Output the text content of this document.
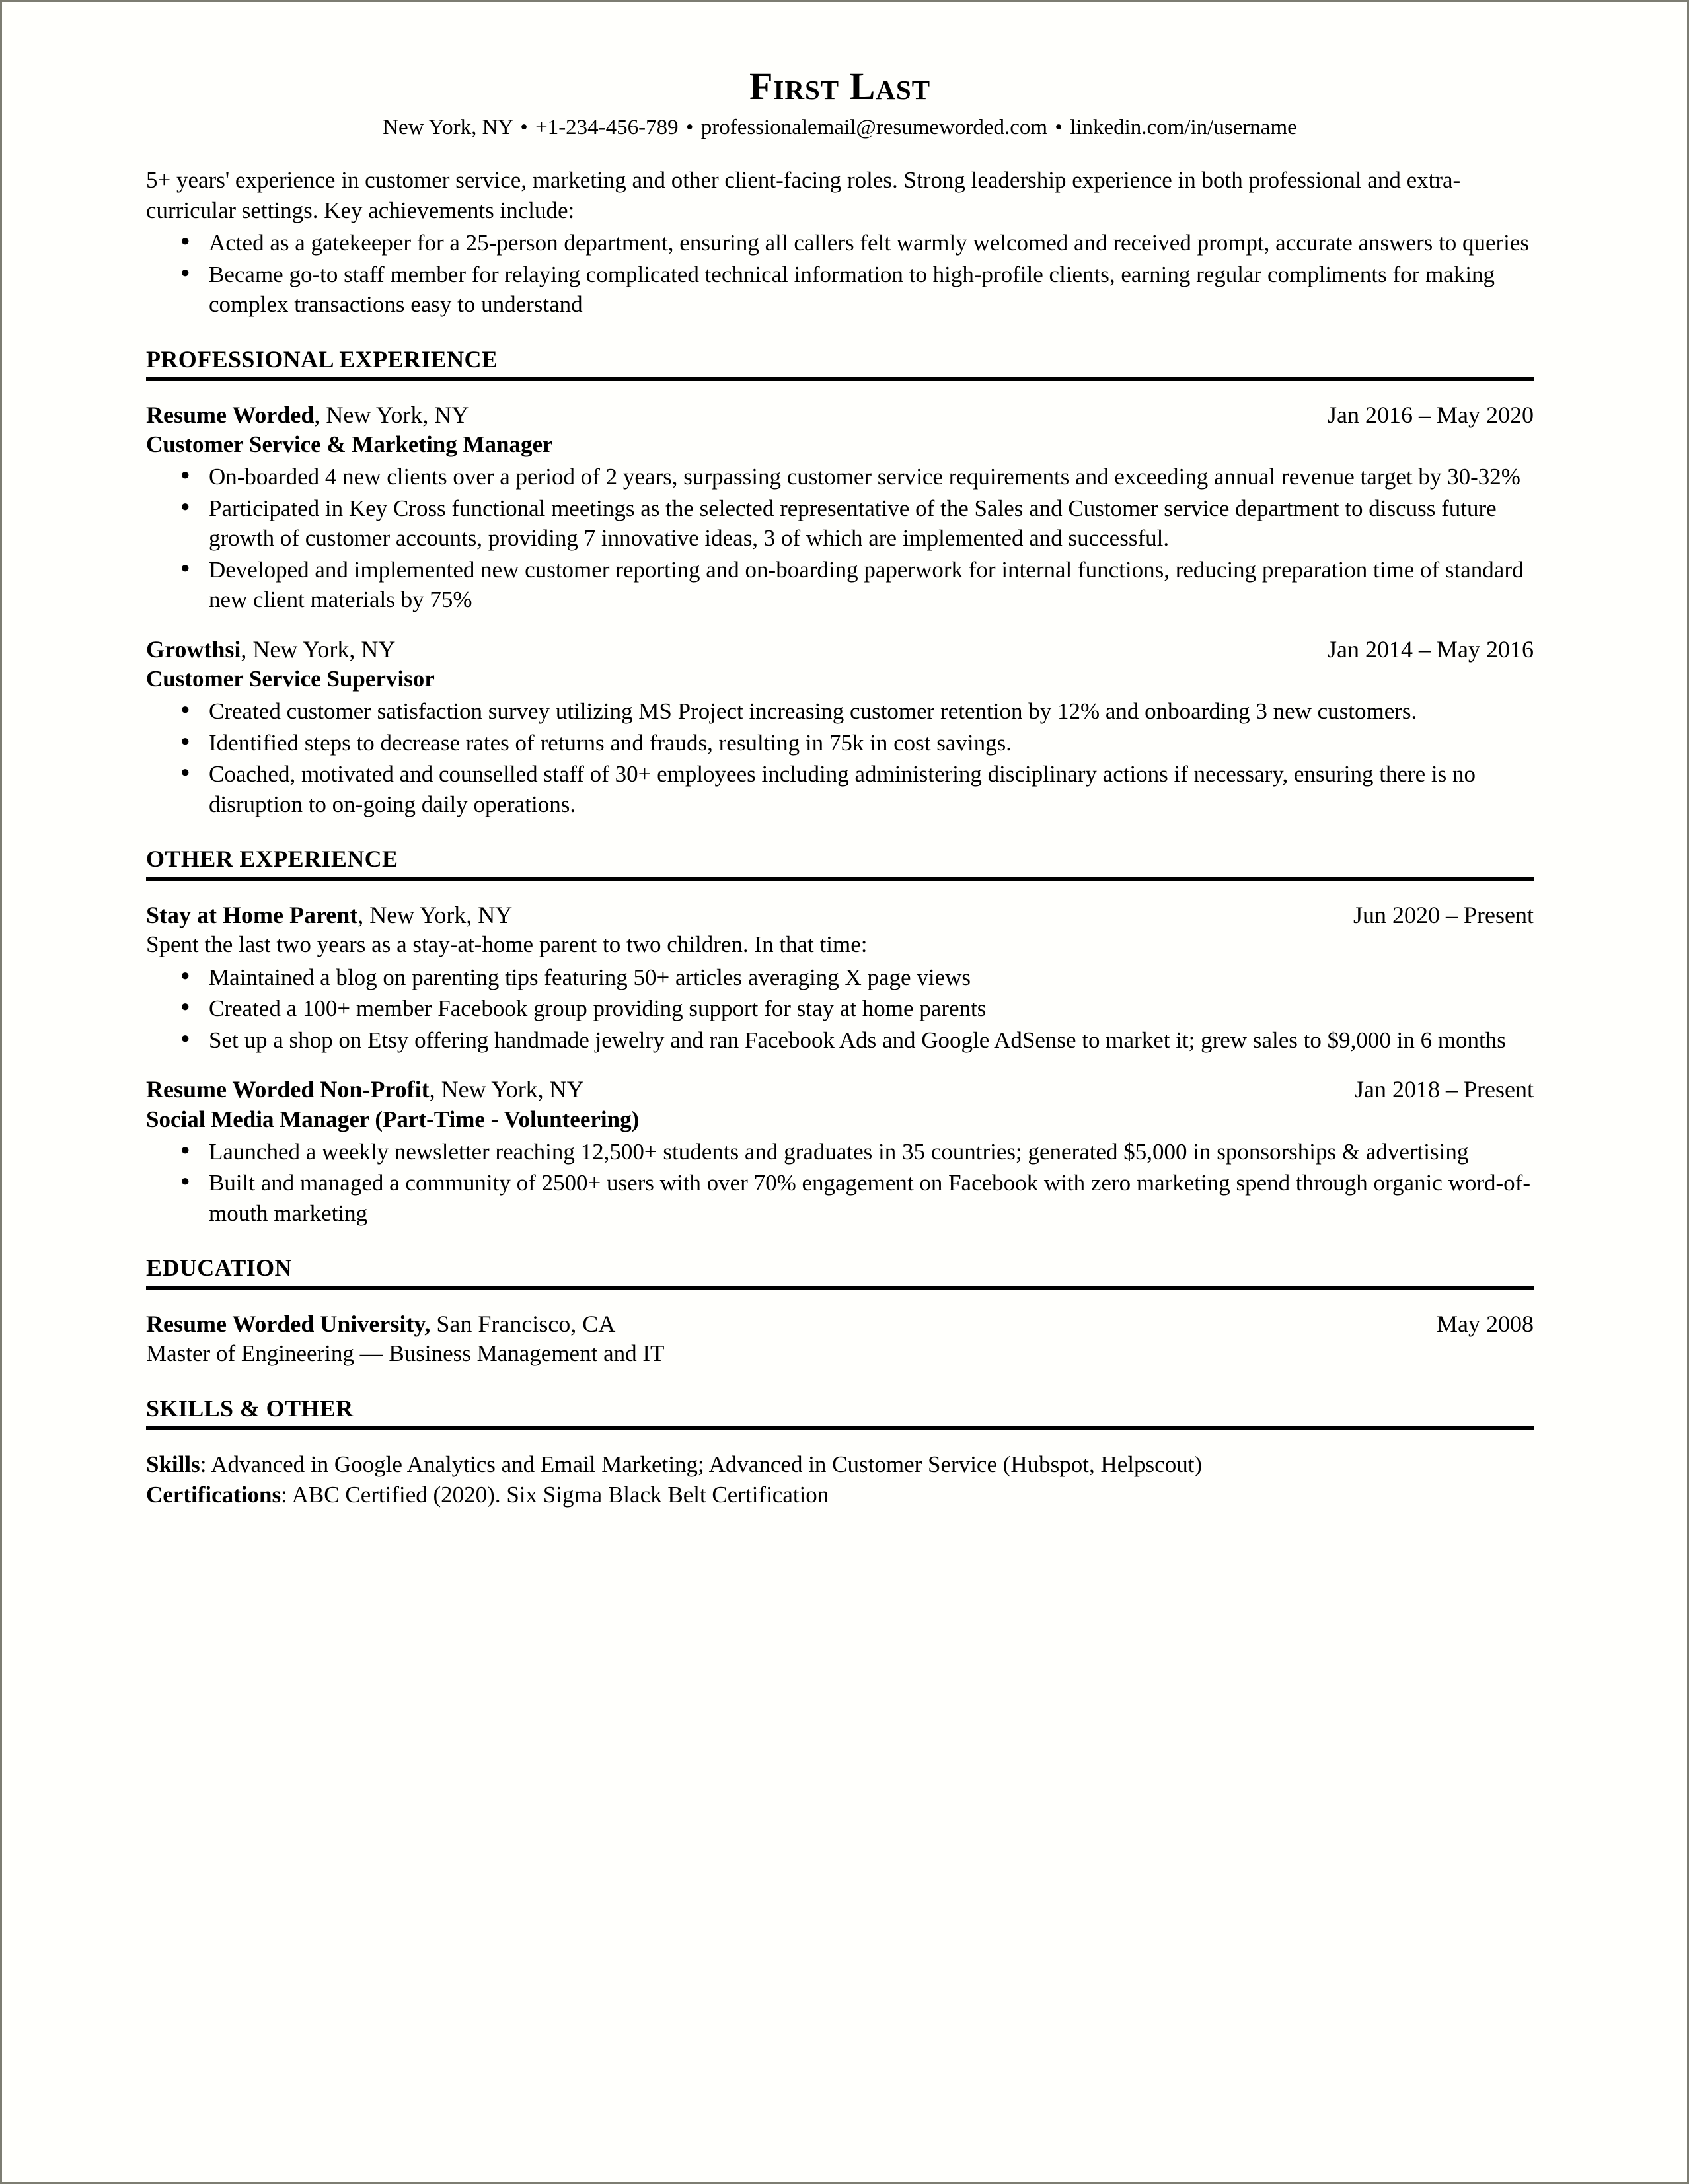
First Last
New York, NY • +1-234-456-789 • professionalemail@resumeworded.com • linkedin.com/in/username

5+ years' experience in customer service, marketing and other client-facing roles. Strong leadership experience in both professional and extra-curricular settings. Key achievements include:

● Acted as a gatekeeper for a 25-person department, ensuring all callers felt warmly welcomed and received prompt, accurate answers to queries
● Became go-to staff member for relaying complicated technical information to high-profile clients, earning regular compliments for making complex transactions easy to understand
PROFESSIONAL EXPERIENCE
Resume Worded, New York, NY	Jan 2016 – May 2020
Customer Service & Marketing Manager
● On-boarded 4 new clients over a period of 2 years, surpassing customer service requirements and exceeding annual revenue target by 30-32%
● Participated in Key Cross functional meetings as the selected representative of the Sales and Customer service department to discuss future growth of customer accounts, providing 7 innovative ideas, 3 of which are implemented and successful.
● Developed and implemented new customer reporting and on-boarding paperwork for internal functions, reducing preparation time of standard new client materials by 75%
Growthsi, New York, NY	Jan 2014 – May 2016
Customer Service Supervisor
● Created customer satisfaction survey utilizing MS Project increasing customer retention by 12% and onboarding 3 new customers.
● Identified steps to decrease rates of returns and frauds, resulting in 75k in cost savings.
● Coached, motivated and counselled staff of 30+ employees including administering disciplinary actions if necessary, ensuring there is no disruption to on-going daily operations.
OTHER EXPERIENCE
Stay at Home Parent, New York, NY	Jun 2020 – Present
Spent the last two years as a stay-at-home parent to two children. In that time:
● Maintained a blog on parenting tips featuring 50+ articles averaging X page views
● Created a 100+ member Facebook group providing support for stay at home parents
● Set up a shop on Etsy offering handmade jewelry and ran Facebook Ads and Google AdSense to market it; grew sales to $9,000 in 6 months
Resume Worded Non-Profit, New York, NY	Jan 2018 – Present
Social Media Manager (Part-Time - Volunteering)
● Launched a weekly newsletter reaching 12,500+ students and graduates in 35 countries; generated $5,000 in sponsorships & advertising
● Built and managed a community of 2500+ users with over 70% engagement on Facebook with zero marketing spend through organic word-of-mouth marketing
EDUCATION
Resume Worded University, San Francisco, CA	May 2008
Master of Engineering — Business Management and IT
SKILLS & OTHER

Skills: Advanced in Google Analytics and Email Marketing; Advanced in Customer Service (Hubspot, Helpscout)

Certifications: ABC Certified (2020). Six Sigma Black Belt Certification
